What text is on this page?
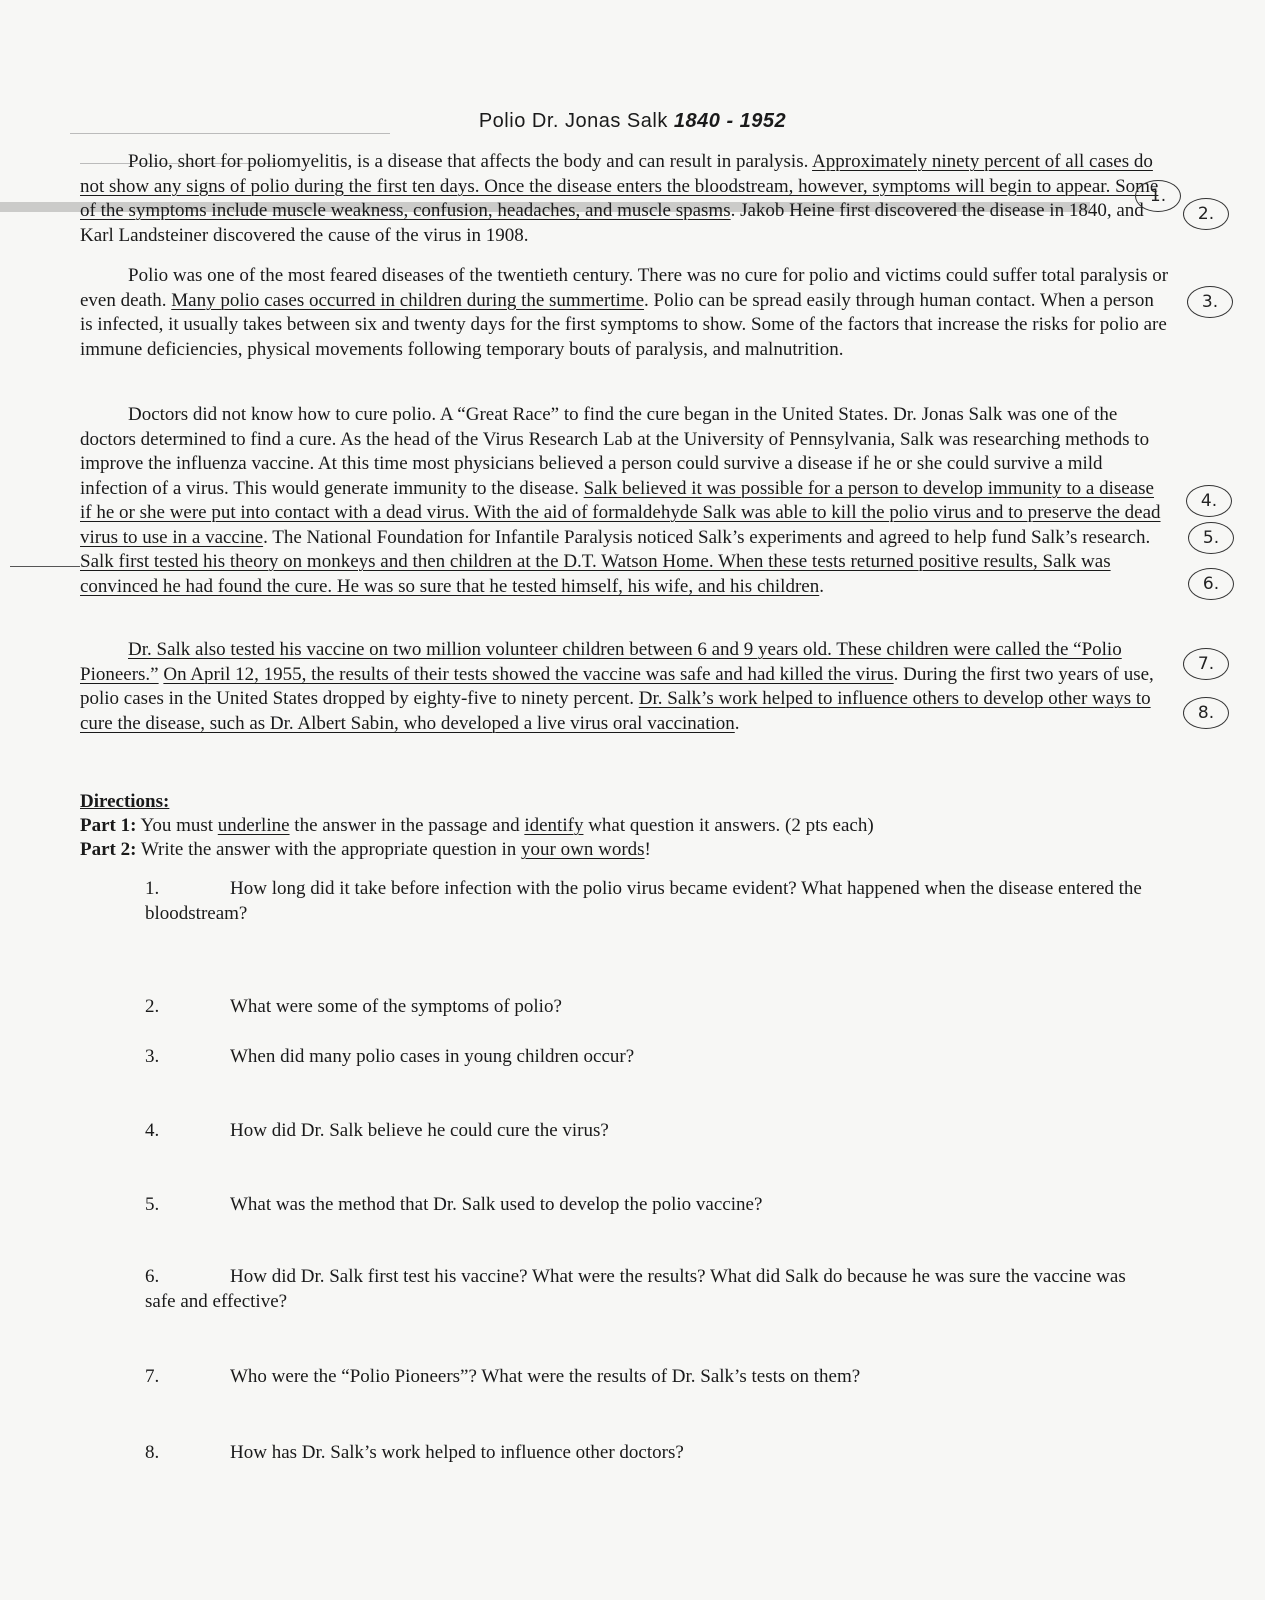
Polio Dr. Jonas Salk 1840 - 1952

Polio, short for poliomyelitis, is a disease that affects the body and can result in paralysis. Approximately ninety percent of all cases do not show any signs of polio during the first ten days. Once the disease enters the bloodstream, however, symptoms will begin to appear. Some of the symptoms include muscle weakness, confusion, headaches, and muscle spasms. Jakob Heine first discovered the disease in 1840, and Karl Landsteiner discovered the cause of the virus in 1908.

Polio was one of the most feared diseases of the twentieth century. There was no cure for polio and victims could suffer total paralysis or even death. Many polio cases occurred in children during the summertime. Polio can be spread easily through human contact. When a person is infected, it usually takes between six and twenty days for the first symptoms to show. Some of the factors that increase the risks for polio are immune deficiencies, physical movements following temporary bouts of paralysis, and malnutrition.

Doctors did not know how to cure polio. A “Great Race” to find the cure began in the United States. Dr. Jonas Salk was one of the doctors determined to find a cure. As the head of the Virus Research Lab at the University of Pennsylvania, Salk was researching methods to improve the influenza vaccine. At this time most physicians believed a person could survive a disease if he or she could survive a mild infection of a virus. This would generate immunity to the disease. Salk believed it was possible for a person to develop immunity to a disease if he or she were put into contact with a dead virus. With the aid of formaldehyde Salk was able to kill the polio virus and to preserve the dead virus to use in a vaccine. The National Foundation for Infantile Paralysis noticed Salk’s experiments and agreed to help fund Salk’s research. Salk first tested his theory on monkeys and then children at the D.T. Watson Home. When these tests returned positive results, Salk was convinced he had found the cure. He was so sure that he tested himself, his wife, and his children.

Dr. Salk also tested his vaccine on two million volunteer children between 6 and 9 years old. These children were called the “Polio Pioneers.” On April 12, 1955, the results of their tests showed the vaccine was safe and had killed the virus. During the first two years of use, polio cases in the United States dropped by eighty-five to ninety percent. Dr. Salk’s work helped to influence others to develop other ways to cure the disease, such as Dr. Albert Sabin, who developed a live virus oral vaccination.

1.
2.
3.
4.
5.
6.
7.
8.
Directions:
Part 1: You must underline the answer in the passage and identify what question it answers. (2 pts each)
Part 2: Write the answer with the appropriate question in your own words!
1.	How long did it take before infection with the polio virus became evident? What happened when the disease entered the bloodstream?
2.	What were some of the symptoms of polio?
3.	When did many polio cases in young children occur?
4.	How did Dr. Salk believe he could cure the virus?
5.	What was the method that Dr. Salk used to develop the polio vaccine?
6.	How did Dr. Salk first test his vaccine? What were the results? What did Salk do because he was sure the vaccine was safe and effective?
7.	Who were the “Polio Pioneers”? What were the results of Dr. Salk’s tests on them?
8.	How has Dr. Salk’s work helped to influence other doctors?
